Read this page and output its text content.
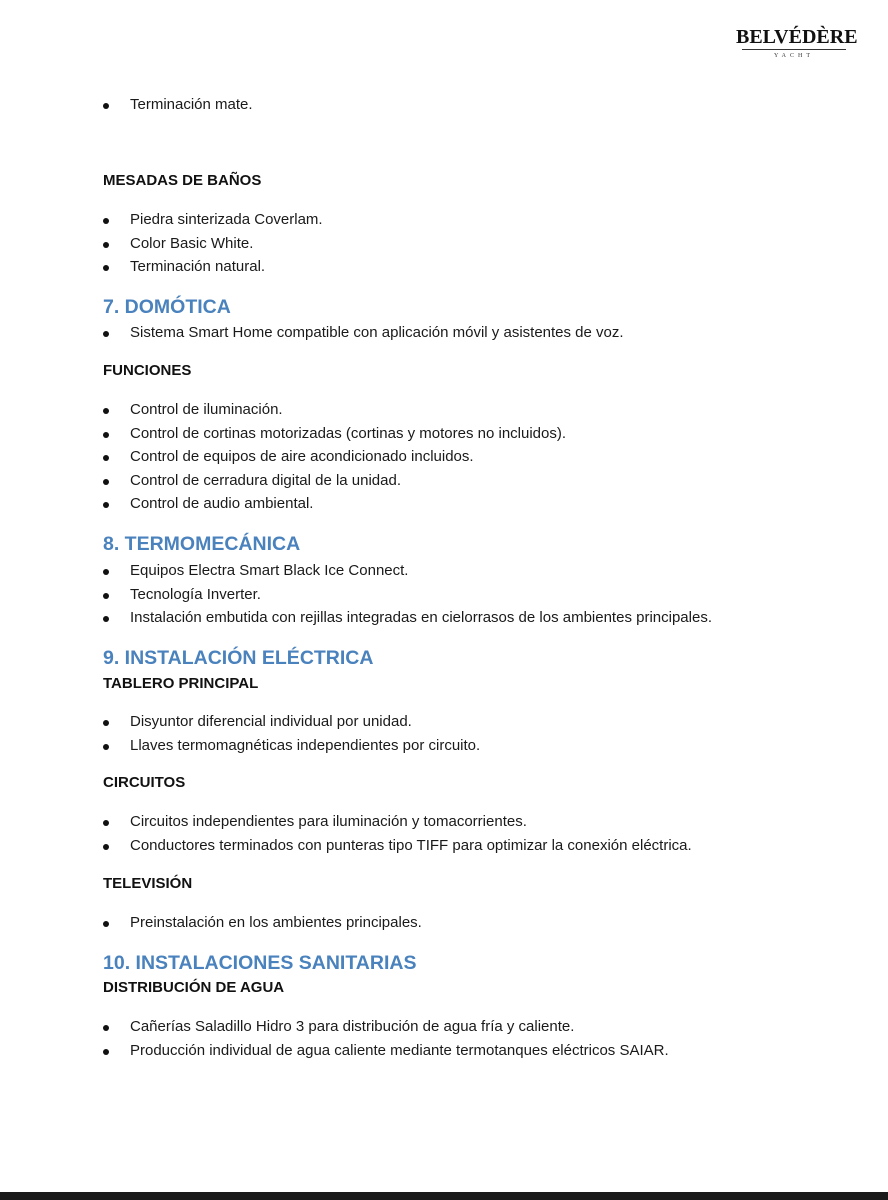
BELVÉDÈRE
YACHT
Terminación mate.
MESADAS DE BAÑOS
Piedra sinterizada Coverlam.
Color Basic White.
Terminación natural.
7. DOMÓTICA
Sistema Smart Home compatible con aplicación móvil y asistentes de voz.
FUNCIONES
Control de iluminación.
Control de cortinas motorizadas (cortinas y motores no incluidos).
Control de equipos de aire acondicionado incluidos.
Control de cerradura digital de la unidad.
Control de audio ambiental.
8. TERMOMECÁNICA
Equipos Electra Smart Black Ice Connect.
Tecnología Inverter.
Instalación embutida con rejillas integradas en cielorrasos de los ambientes principales.
9. INSTALACIÓN ELÉCTRICA
TABLERO PRINCIPAL
Disyuntor diferencial individual por unidad.
Llaves termomagnéticas independientes por circuito.
CIRCUITOS
Circuitos independientes para iluminación y tomacorrientes.
Conductores terminados con punteras tipo TIFF para optimizar la conexión eléctrica.
TELEVISIÓN
Preinstalación en los ambientes principales.
10. INSTALACIONES SANITARIAS
DISTRIBUCIÓN DE AGUA
Cañerías Saladillo Hidro 3 para distribución de agua fría y caliente.
Producción individual de agua caliente mediante termotanques eléctricos SAIAR.
